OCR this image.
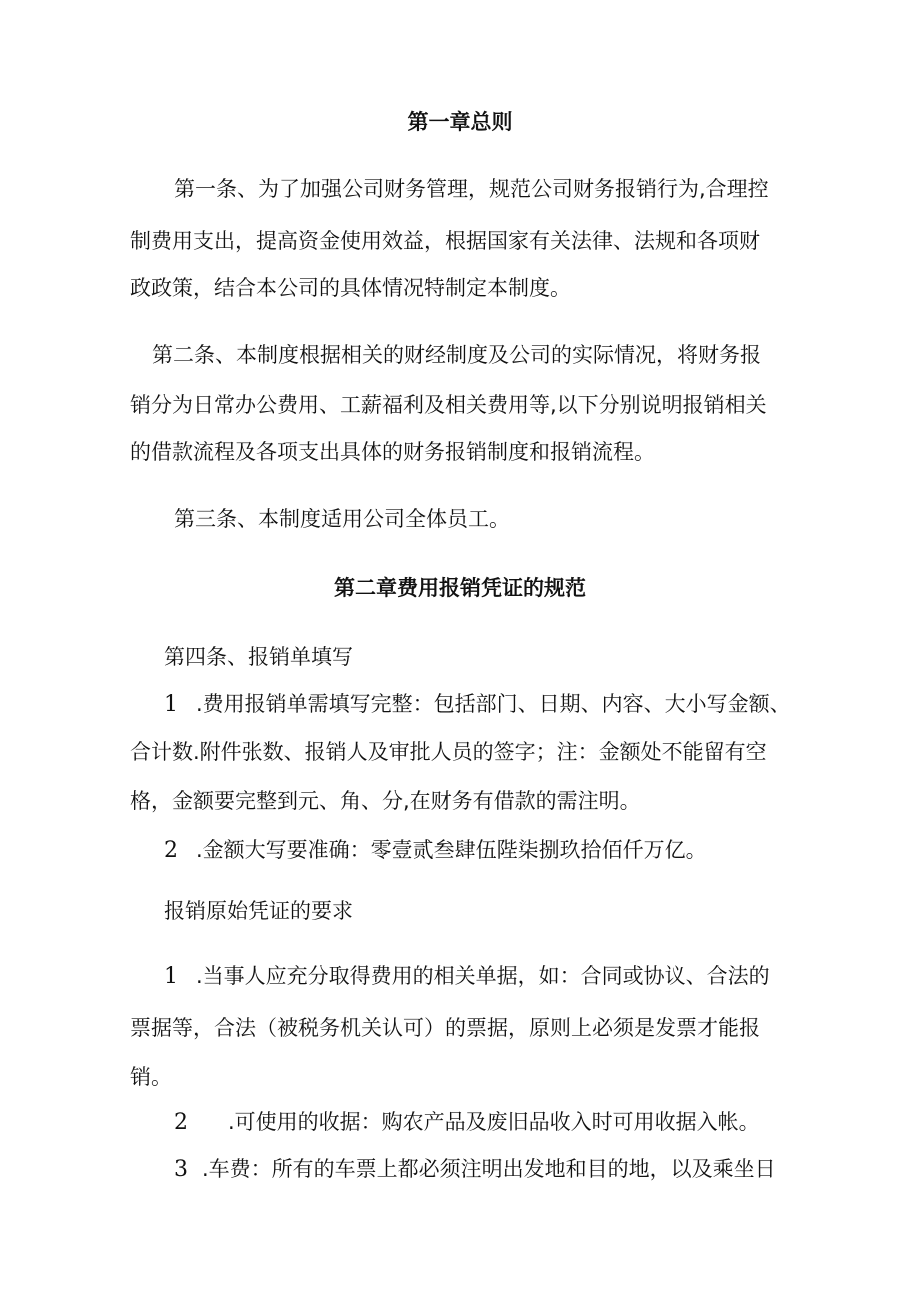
第一章总则
第一条、为了加强公司财务管理，规范公司财务报销行为,合理控
制费用支出，提高资金使用效益，根据国家有关法律、法规和各项财
政政策，结合本公司的具体情况特制定本制度。
第二条、本制度根据相关的财经制度及公司的实际情况，将财务报
销分为日常办公费用、工薪福利及相关费用等,以下分别说明报销相关
的借款流程及各项支出具体的财务报销制度和报销流程。
第三条、本制度适用公司全体员工。
第二章费用报销凭证的规范
第四条、报销单填写
1 .费用报销单需填写完整：包括部门、日期、内容、大小写金额、
合计数.附件张数、报销人及审批人员的签字；注：金额处不能留有空
格，金额要完整到元、角、分,在财务有借款的需注明。
2 .金额大写要准确：零壹贰叁肆伍陛柒捌玖拾佰仟万亿。
报销原始凭证的要求
1 .当事人应充分取得费用的相关单据，如：合同或协议、合法的
票据等，合法（被税务机关认可）的票据，原则上必须是发票才能报
销。
2 .可使用的收据：购农产品及废旧品收入时可用收据入帐。
3 .车费：所有的车票上都必须注明出发地和目的地，以及乘坐日
